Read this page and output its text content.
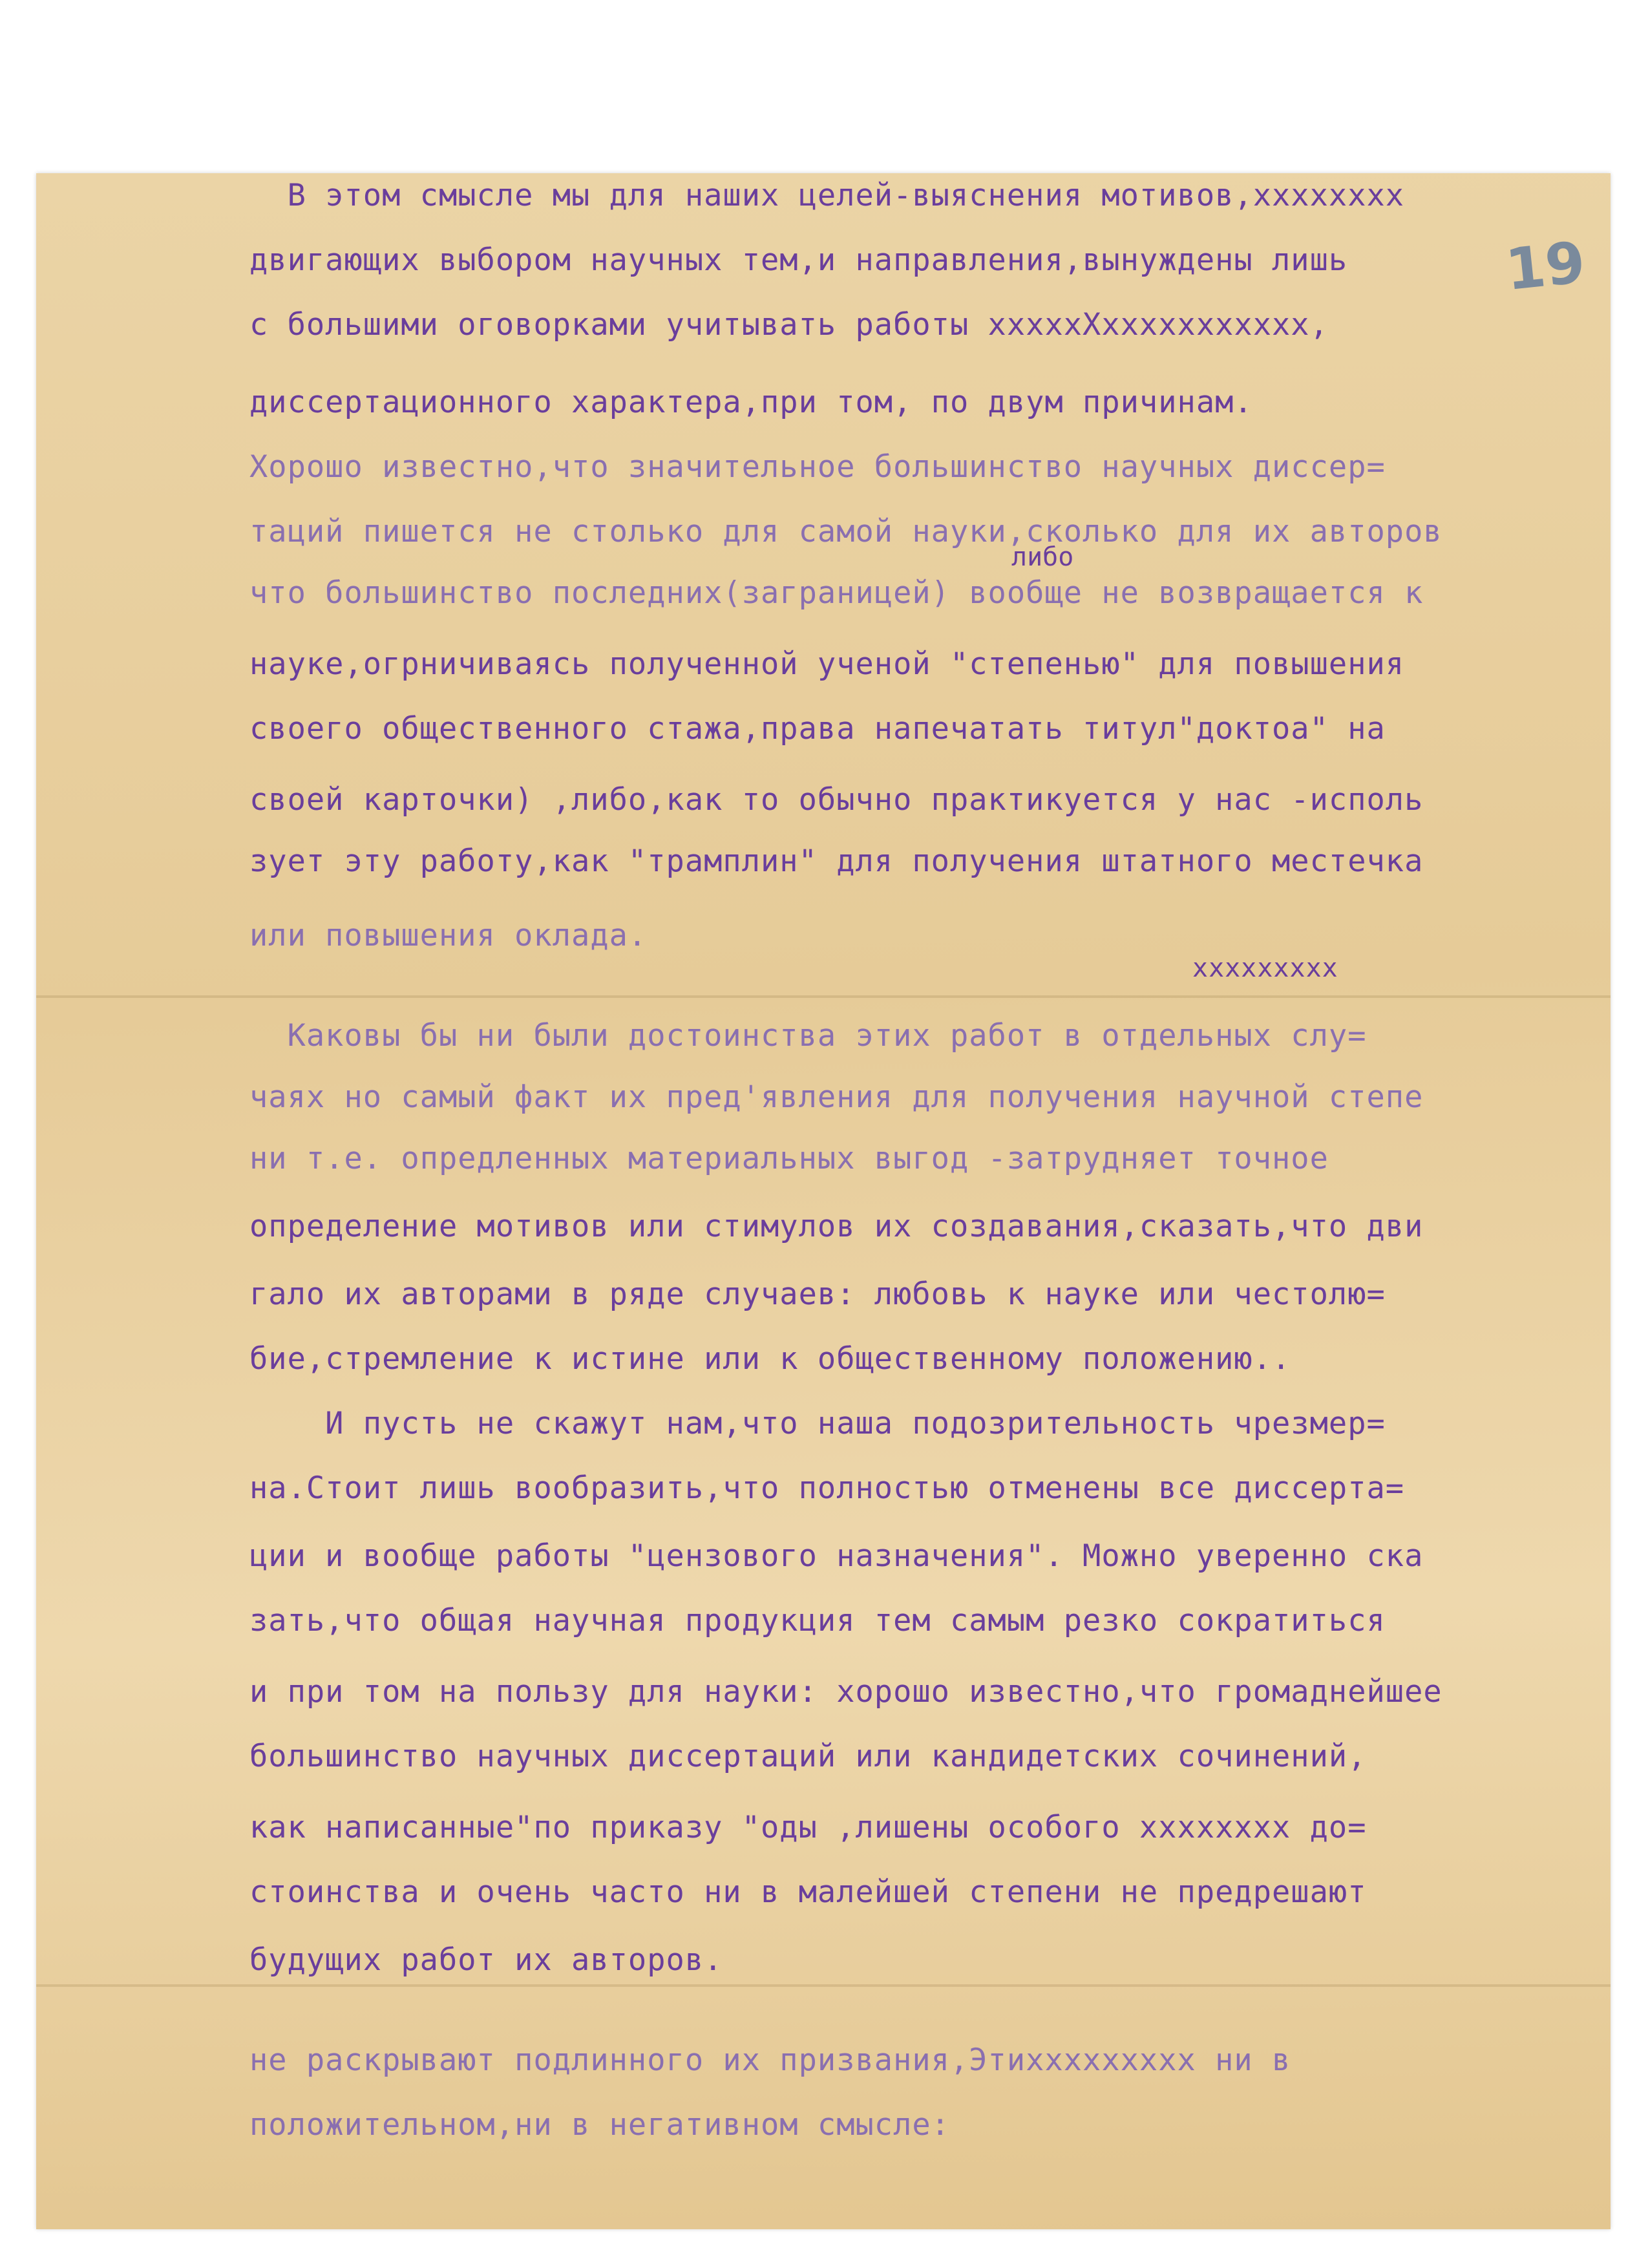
19

В этом смысле мы для наших целей-выяснения мотивов,xxxxxxxx

двигающих выбором научных тем,и направления,вынуждены лишь

с большими оговорками учитывать работы xxxxxXxxxxxxxxxxx,

диссертационного характера,при том, по двум причинам.

Хорошо известно,что значительное большинство научных диссер=

таций пишется не столько для самой науки,сколько для их авторов

либо

что большинство последних(заграницей) вообще не возвращается к

науке,огрничиваясь полученной ученой "степенью" для повышения

своего общественного стажа,права напечатать титул"доктоа" на

своей карточки) ,либо,как то обычно практикуется у нас -исполь

зует эту работу,как "трамплин" для получения штатного местечка

или повышения оклада.

xxxxxxxxx

Каковы бы ни были достоинства этих работ в отдельных слу=

чаях но самый факт их пред'явления для получения научной степе

ни т.е. опредленных материальных выгод -затрудняет точное

определение мотивов или стимулов их создавания,сказать,что дви

гало их авторами в ряде случаев: любовь к науке или честолю=

бие,стремление к истине или к общественному положению..

И пусть не скажут нам,что наша подозрительность чрезмер=

на.Стоит лишь вообразить,что полностью отменены все диссерта=

ции и вообще работы "цензового назначения". Можно уверенно ска

зать,что общая научная продукция тем самым резко сократиться

и при том на пользу для науки: хорошо известно,что громаднейшее

большинство научных диссертаций или кандидетских сочинений,

как написанные"по приказу "оды ,лишены особого xxxxxxxx до=

стоинства и очень часто ни в малейшей степени не предрешают

будущих работ их авторов.

не раскрывают подлинного их призвания,Этихxxxxxxxx ни в

положительном,ни в негативном смысле:
